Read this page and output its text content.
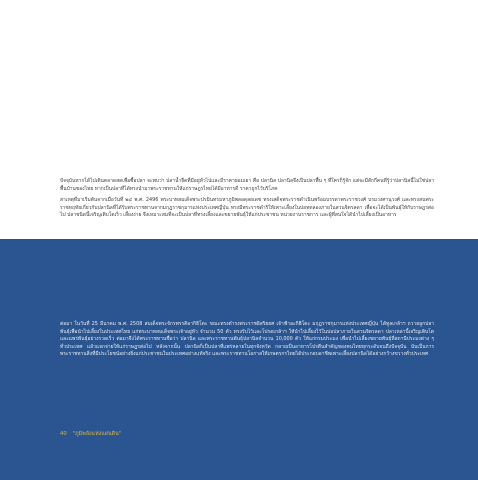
ปัจจุบันหากได้ไปเดินตลาดสดเพื่อซื้อปลา จะพบว่า ปลาน้ำจืดที่มีอยู่ทั่วไปและมีราคาย่อมเยา คือ ปลานิล ปลานิลจึงเป็นปลาพื้น ๆ ที่ใครก็รู้จัก แต่จะมีสักกี่คนที่รู้ว่าปลานิลนี้ไม่ใช่ปลาพื้นบ้านของไทย หากเป็นปลาที่ได้ทรงนำมาพระราชทานให้แก่ราษฎรไทยได้มีอาหารดี ราคาถูกไว้บริโภค

สาเหตุที่มาเริ่มต้นจากเมื่อวันที่ ๒๔ พ.ศ. 2496 พระบาทสมเด็จพระปรมินทรมหาภูมิพลอดุลยเดช ทรงเสด็จพระราชดำเนินพร้อมบรรดาพระราชวงศ์ บรมวงศานุวงศ์ และทรงสนพระราชหฤทัยเกี่ยวกับปลานิลที่ได้รับพระราชทานจากมกุฎราชกุมารแห่งประเทศญี่ปุ่น ทรงมีพระราชดำริให้เพาะเลี้ยงในบ่อทดลองภายในสวนจิตรลดา เพื่อจะได้เป็นพันธุ์ให้กับราษฎรต่อไป ปลาชนิดนี้เจริญเติบโตเร็ว เลี้ยงง่าย จึงเหมาะสมที่จะเป็นปลาที่ทรงเลี้ยงและขยายพันธุ์ให้แก่ประชาชน หน่วยงานราชการ และผู้ที่สนใจได้นำไปเลี้ยงเป็นอาหาร

ต่อมา ในวันที่ 25 มีนาคม พ.ศ. 2508 สมเด็จพระจักรพรรดิอากิฮิโตะ ขณะทรงดำรงพระราชอิสริยยศ เจ้าฟ้าอะกิฮิโตะ มกุฎราชกุมารแห่งประเทศญี่ปุ่น ได้ทูลเกล้าฯ ถวายลูกปลาพันธุ์เพื่อนำไปเลี้ยงในประเทศไทย แก่พระบาทสมเด็จพระเจ้าอยู่หัว จำนวน 50 ตัว ทรงรับไว้และโปรดเกล้าฯ ให้นำไปเลี้ยงไว้ในบ่อปลาภายในสวนจิตรลดา ปลาเหล่านี้เจริญเติบโตและแพร่พันธุ์อย่างรวดเร็ว ต่อมาจึงได้พระราชทานชื่อว่า ปลานิล และพระราชทานพันธุ์ปลานิลจำนวน 10,000 ตัว ให้แก่กรมประมง เพื่อนำไปเลี้ยงขยายพันธุ์ที่สถานีประมงต่าง ๆ ทั่วประเทศ แล้วแจกจ่ายให้แก่ราษฎรต่อไป หลังจากนั้น ปลานิลก็เป็นปลาที่แพร่หลายในทุกจังหวัด กลายเป็นอาหารโปรตีนสำคัญของคนไทยทุกระดับจนถึงปัจจุบัน นับเป็นการพระราชทานสิ่งที่มีประโยชน์อย่างยิ่งแก่ประชาชนในประเทศอย่างแท้จริง และพระราชทานโอกาสให้เกษตรกรไทยได้ประกอบอาชีพเพาะเลี้ยงปลานิลได้อย่างกว้างขวางทั่วประเทศ

40 "ภูมิพลังแห่งแผ่นดิน"
